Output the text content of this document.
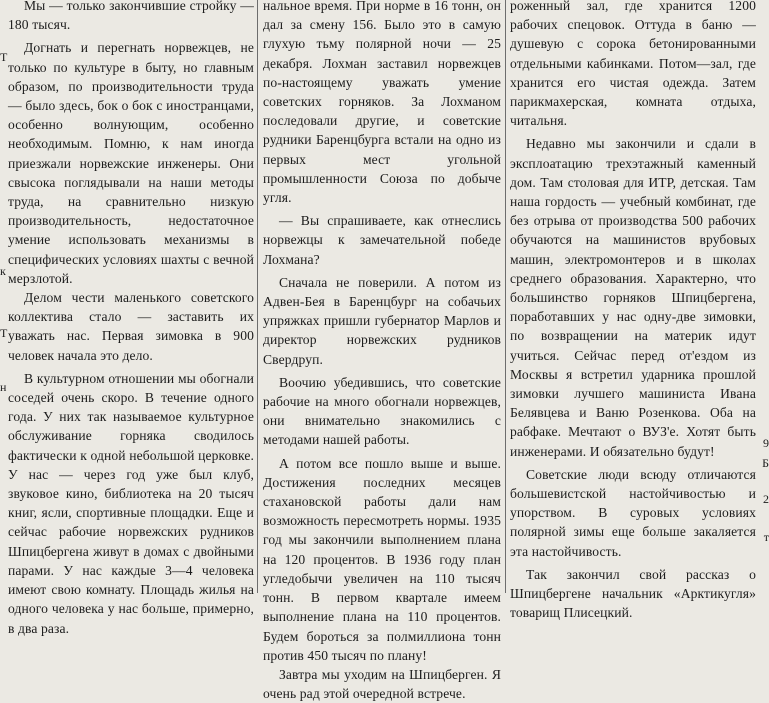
Т
к
Т
н

Мы — только закончившие стройку — 180 тысяч.

Догнать и перегнать норвежцев, не только по культуре в быту, но главным образом, по производительности труда — было здесь, бок о бок с иностранцами, особенно волнующим, особенно необходимым. Помню, к нам иногда приезжали норвежские инженеры. Они свысока поглядывали на наши методы труда, на сравнительно низкую производительность, недостаточное умение использовать механизмы в специфических условиях шахты с вечной мерзлотой.

Делом чести маленького советского коллектива стало — заставить их уважать нас. Первая зимовка в 900 человек начала это дело.

В культурном отношении мы обогнали соседей очень скоро. В течение одного года. У них так называемое культурное обслуживание горняка сводилось фактически к одной небольшой церковке. У нас — через год уже был клуб, звуковое кино, библиотека на 20 тысяч книг, ясли, спортивные площадки. Еще и сейчас рабочие норвежских рудников Шпицбергена живут в домах с двойными парами. У нас каждые 3—4 человека имеют свою комнату. Площадь жилья на одного человека у нас больше, примерно, в два раза.

нальное время. При норме в 16 тонн, он дал за смену 156. Было это в самую глухую тьму полярной ночи — 25 декабря. Лохман заставил норвежцев по-настоящему уважать умение советских горняков. За Лохманом последовали другие, и советские рудники Баренцбурга встали на одно из первых мест угольной промышленности Союза по добыче угля.

— Вы спрашиваете, как отнеслись норвежцы к замечательной победе Лохмана?

Сначала не поверили. А потом из Адвен-Бея в Баренцбург на собачьих упряжках пришли губернатор Марлов и директор норвежских рудников Свердруп.

Воочию убедившись, что советские рабочие на много обогнали норвежцев, они внимательно знакомились с методами нашей работы.

А потом все пошло выше и выше. Достижения последних месяцев стахановской работы дали нам возможность пересмотреть нормы. 1935 год мы закончили выполнением плана на 120 процентов. В 1936 году план угледобычи увеличен на 110 тысяч тонн. В первом квартале имеем выполнение плана на 110 процентов. Будем бороться за полмиллиона тонн против 450 тысяч по плану!

Завтра мы уходим на Шпицберген. Я очень рад этой очередной встрече.

роженный зал, где хранится 1200 рабочих спецовок. Оттуда в баню — душевую с сорока бетонированными отдельными кабинками. Потом—зал, где хранится его чистая одежда. Затем парикмахерская, комната отдыха, читальня.

Недавно мы закончили и сдали в эксплоатацию трехэтажный каменный дом. Там столовая для ИТР, детская. Там наша гордость — учебный комбинат, где без отрыва от производства 500 рабочих обучаются на машинистов врубовых машин, электромонтеров и в школах среднего образования. Характерно, что большинство горняков Шпицбергена, поработавших у нас одну-две зимовки, по возвращении на материк идут учиться. Сейчас перед от'ездом из Москвы я встретил ударника прошлой зимовки лучшего машиниста Ивана Белявцева и Ваню Розенкова. Оба на рабфаке. Мечтают о ВУЗ'е. Хотят быть инженерами. И обязательно будут!

Советские люди всюду отличаются большевистской настойчивостью и упорством. В суровых условиях полярной зимы еще больше закаляется эта настойчивость.

Так закончил свой рассказ о Шпицбергене начальник «Арктикугля» товарищ Плисецкий.

9
Б
2
т
